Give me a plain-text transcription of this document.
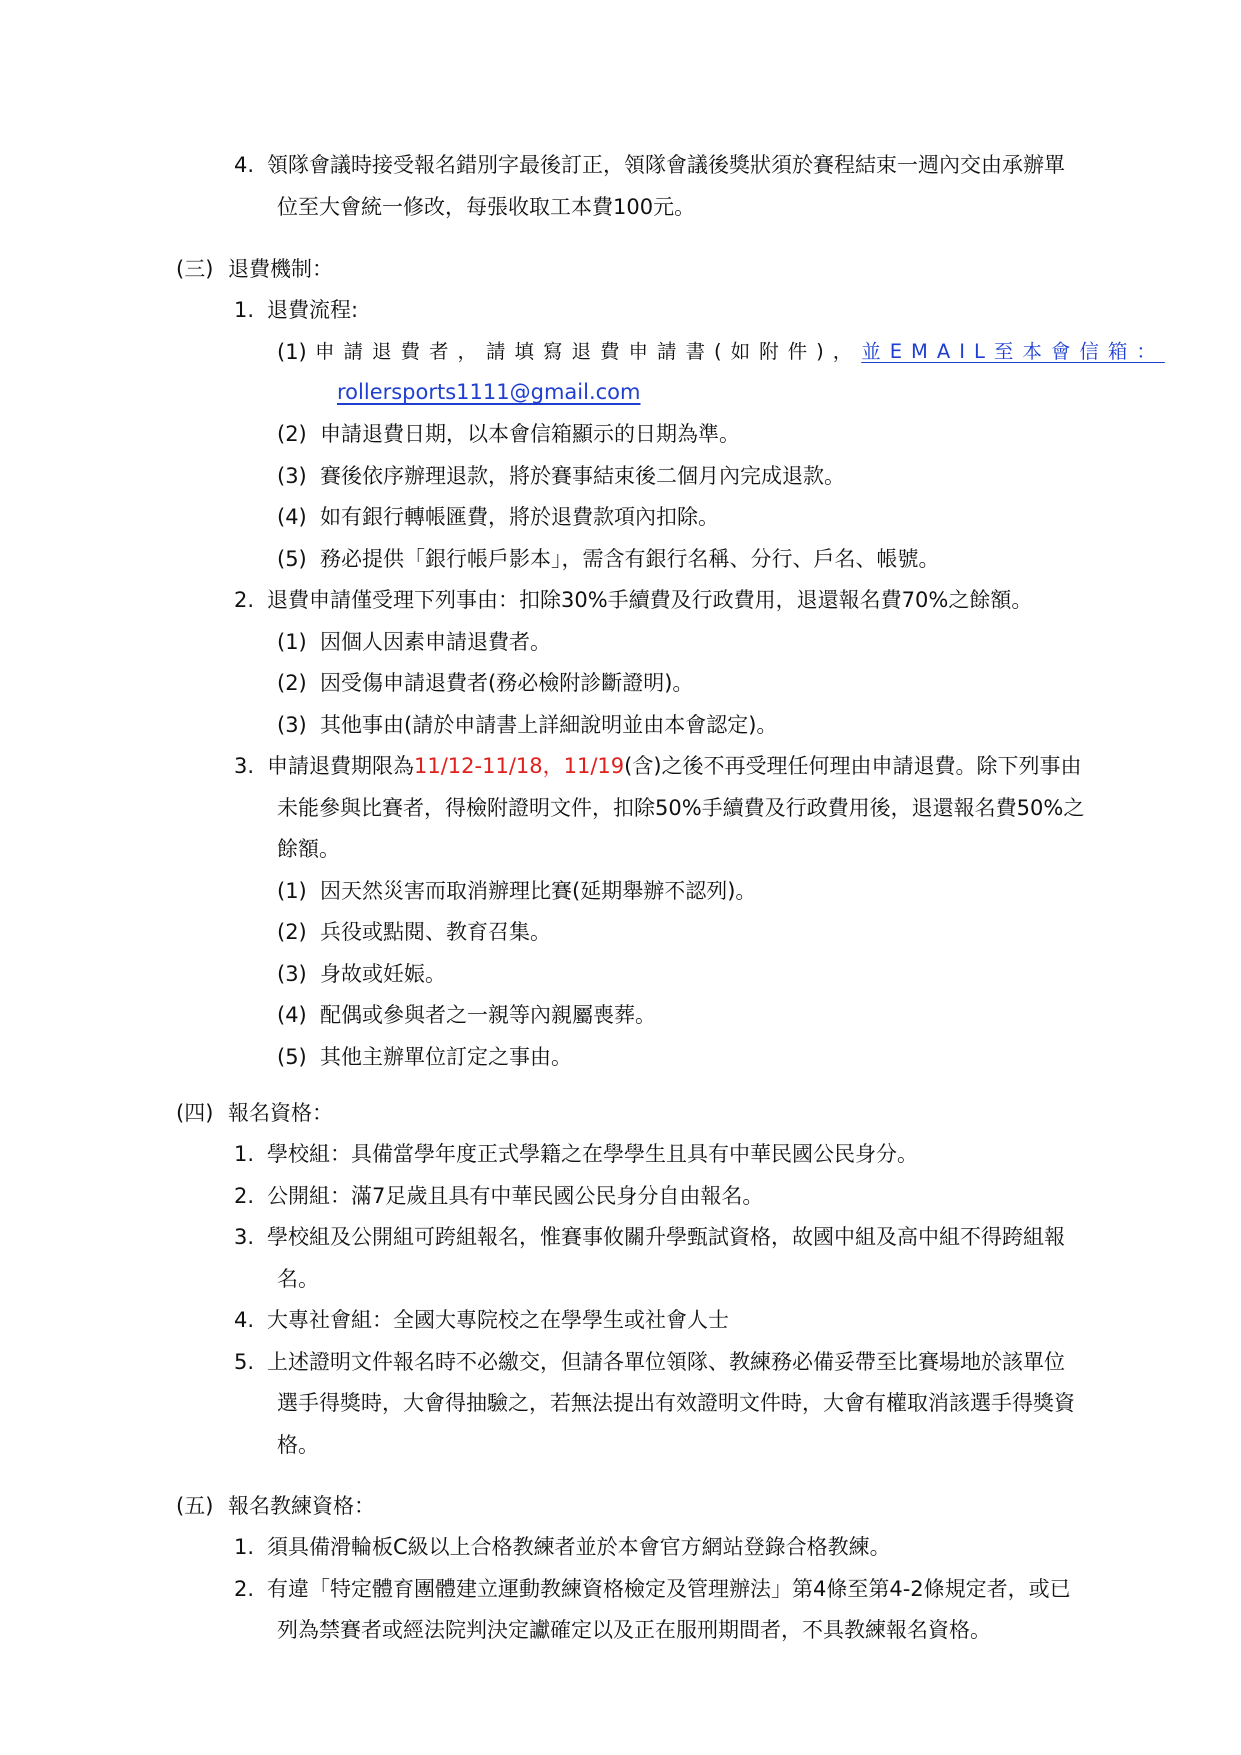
4. 領隊會議時接受報名錯別字最後訂正，領隊會議後獎狀須於賽程結束一週內交由承辦單
位至大會統一修改，每張收取工本費100元。
(三) 退費機制：
1. 退費流程:
(1) 申請退費者，請填寫退費申請書(如附件)，並EMAIL至本會信箱：
rollersports1111@gmail.com
(2) 申請退費日期，以本會信箱顯示的日期為準。
(3) 賽後依序辦理退款，將於賽事結束後二個月內完成退款。
(4) 如有銀行轉帳匯費，將於退費款項內扣除。
(5) 務必提供「銀行帳戶影本」，需含有銀行名稱、分行、戶名、帳號。
2. 退費申請僅受理下列事由：扣除30%手續費及行政費用，退還報名費70%之餘額。
(1) 因個人因素申請退費者。
(2) 因受傷申請退費者(務必檢附診斷證明)。
(3) 其他事由(請於申請書上詳細說明並由本會認定)。
3. 申請退費期限為11/12-11/18，11/19(含)之後不再受理任何理由申請退費。除下列事由
未能參與比賽者，得檢附證明文件，扣除50%手續費及行政費用後，退還報名費50%之
餘額。
(1) 因天然災害而取消辦理比賽(延期舉辦不認列)。
(2) 兵役或點閱、教育召集。
(3) 身故或妊娠。
(4) 配偶或參與者之一親等內親屬喪葬。
(5) 其他主辦單位訂定之事由。
(四) 報名資格：
1. 學校組：具備當學年度正式學籍之在學學生且具有中華民國公民身分。
2. 公開組：滿7足歲且具有中華民國公民身分自由報名。
3. 學校組及公開組可跨組報名，惟賽事攸關升學甄試資格，故國中組及高中組不得跨組報
名。
4. 大專社會組：全國大專院校之在學學生或社會人士
5. 上述證明文件報名時不必繳交，但請各單位領隊、教練務必備妥帶至比賽場地於該單位
選手得獎時，大會得抽驗之，若無法提出有效證明文件時，大會有權取消該選手得獎資
格。
(五) 報名教練資格：
1. 須具備滑輪板C級以上合格教練者並於本會官方網站登錄合格教練。
2. 有違「特定體育團體建立運動教練資格檢定及管理辦法」第4條至第4-2條規定者，或已
列為禁賽者或經法院判決定讞確定以及正在服刑期間者，不具教練報名資格。
